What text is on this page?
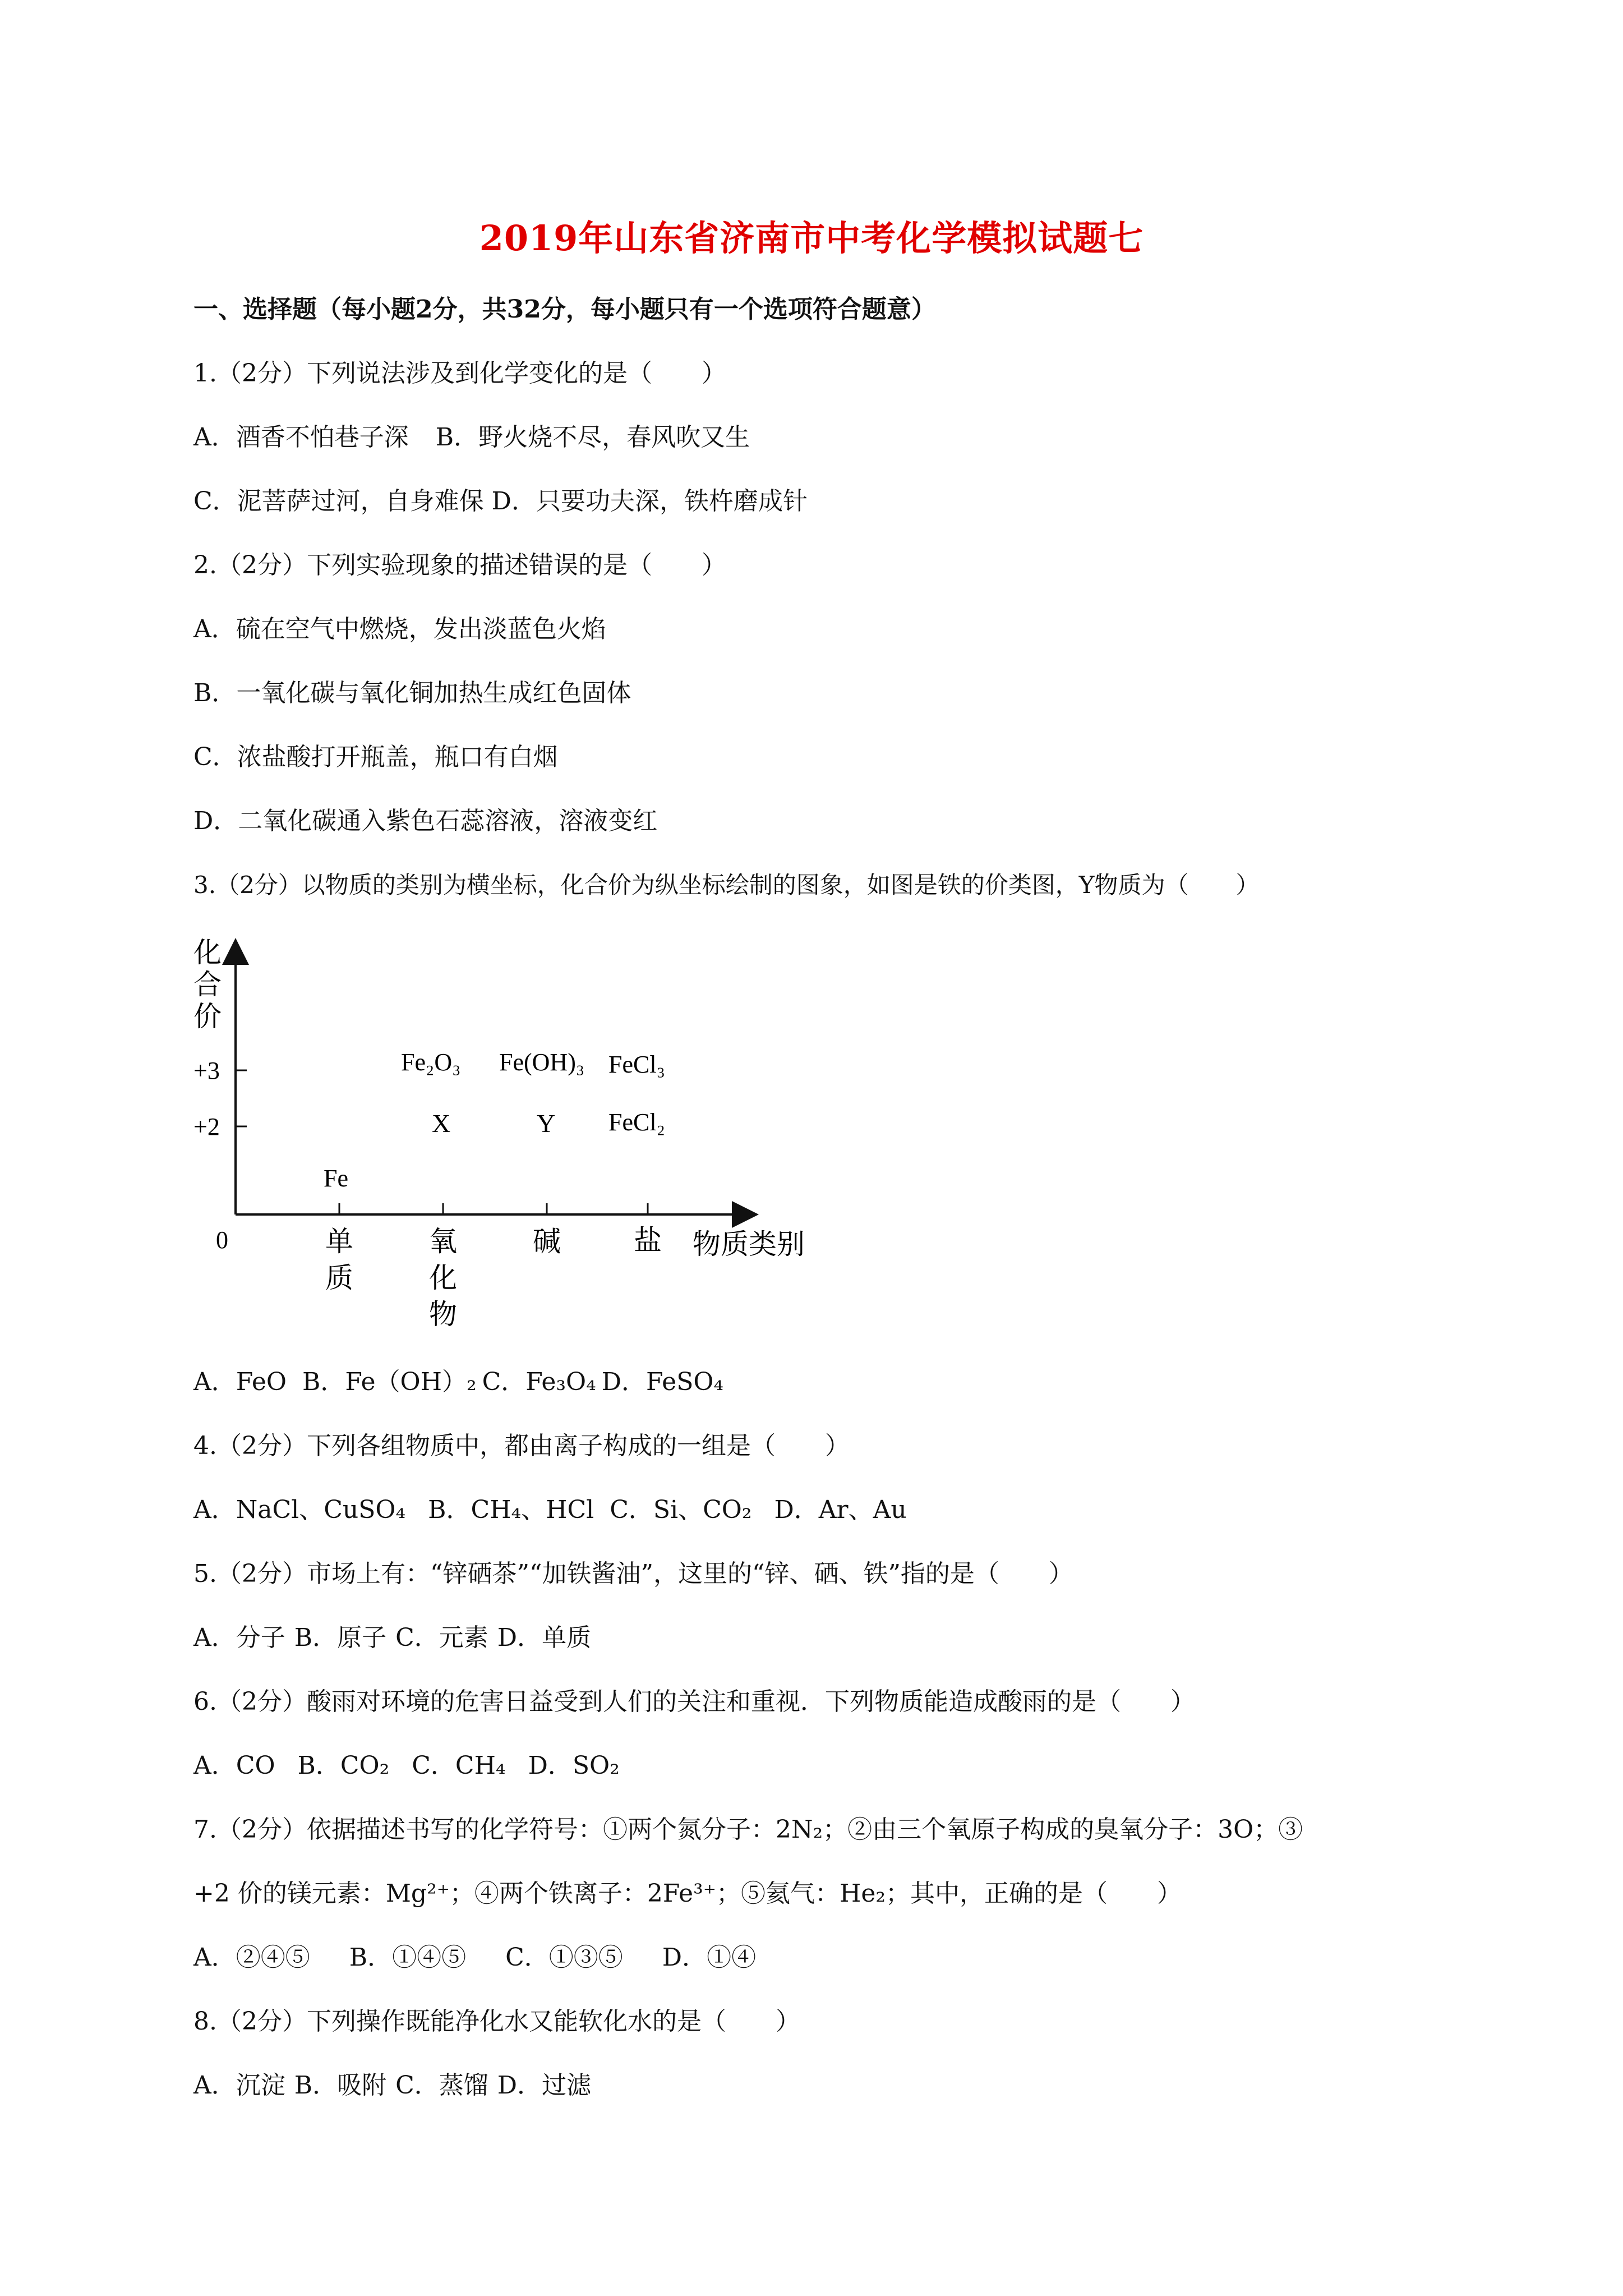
2019年山东省济南市中考化学模拟试题七
一、选择题（每小题2分，共32分，每小题只有一个选项符合题意）
1.（2分）下列说法涉及到化学变化的是（　　）
A．酒香不怕巷子深 B．野火烧不尽，春风吹又生
C．泥菩萨过河，自身难保 D．只要功夫深，铁杵磨成针
2.（2分）下列实验现象的描述错误的是（　　）
A．硫在空气中燃烧，发出淡蓝色火焰
B．一氧化碳与氧化铜加热生成红色固体
C．浓盐酸打开瓶盖，瓶口有白烟
D．二氧化碳通入紫色石蕊溶液，溶液变红
3.（2分）以物质的类别为横坐标，化合价为纵坐标绘制的图象，如图是铁的价类图，Y物质为（　　）
化
合
价
+3
+2
0	单
质
氧
化
物
碱	盐 物质类别
Fe
Fe₂O₃ Fe(OH)₃ FeCl₃
X	Y FeCl₂
A．FeO B．Fe（OH）₂ C．Fe₃O₄ D．FeSO₄
4.（2分）下列各组物质中，都由离子构成的一组是（　　）
A．NaCl、CuSO₄ B．CH₄、HCl C．Si、CO₂ D．Ar、Au
5.（2分）市场上有：“锌硒茶”“加铁酱油”，这里的“锌、硒、铁”指的是（　　）
A．分子 B．原子 C．元素 D．单质
6.（2分）酸雨对环境的危害日益受到人们的关注和重视．下列物质能造成酸雨的是（　　）
A．CO B．CO₂ C．CH₄ D．SO₂
7.（2分）依据描述书写的化学符号：①两个氮分子：2N₂；②由三个氧原子构成的臭氧分子：3O；③
+2 价的镁元素：Mg²⁺；④两个铁离子：2Fe³⁺；⑤氦气：He₂；其中，正确的是（　　）
A．②④⑤ B．①④⑤ C．①③⑤ D．①④
8.（2分）下列操作既能净化水又能软化水的是（　　）
A．沉淀 B．吸附 C．蒸馏 D．过滤
